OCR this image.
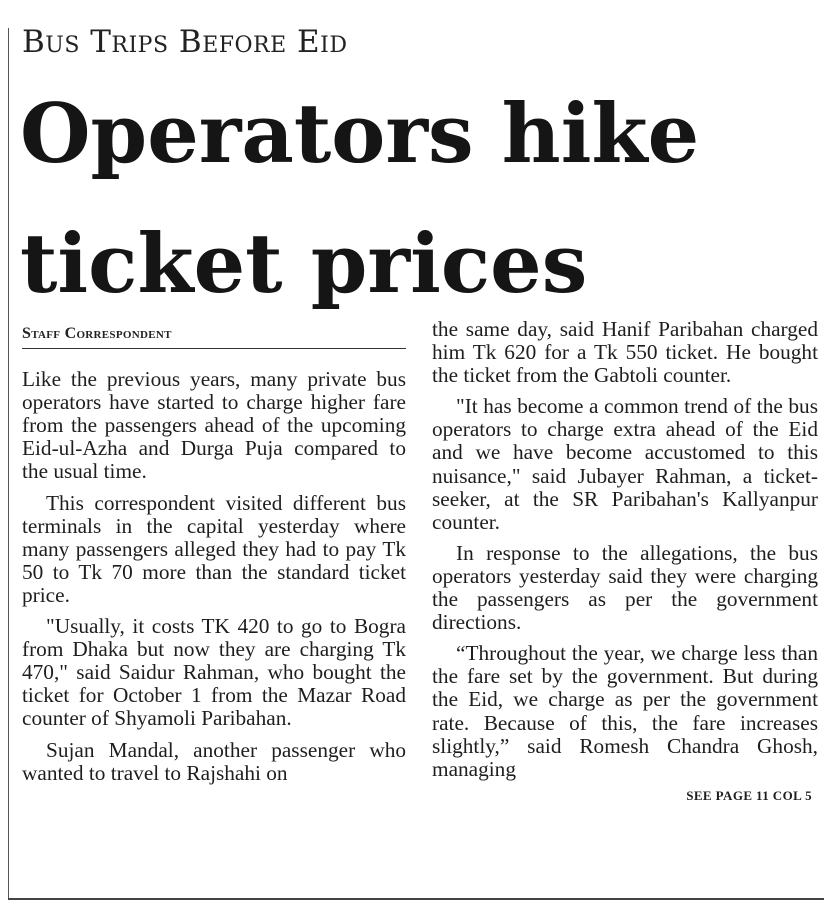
Bus Trips Before Eid
Operators hike ticket prices
Staff Correspondent

Like the previous years, many private bus operators have started to charge higher fare from the passengers ahead of the upcoming Eid-ul-Azha and Durga Puja compared to the usual time.

This correspondent visited different bus terminals in the capital yesterday where many passengers alleged they had to pay Tk 50 to Tk 70 more than the standard ticket price.

"Usually, it costs TK 420 to go to Bogra from Dhaka but now they are charging Tk 470," said Saidur Rahman, who bought the ticket for October 1 from the Mazar Road counter of Shyamoli Paribahan.

Sujan Mandal, another passenger who wanted to travel to Rajshahi on

the same day, said Hanif Paribahan charged him Tk 620 for a Tk 550 ticket. He bought the ticket from the Gabtoli counter.

"It has become a common trend of the bus operators to charge extra ahead of the Eid and we have become accustomed to this nuisance," said Jubayer Rahman, a ticket-seeker, at the SR Paribahan's Kallyanpur counter.

In response to the allegations, the bus operators yesterday said they were charging the passengers as per the government directions.

“Throughout the year, we charge less than the fare set by the government. But during the Eid, we charge as per the government rate. Because of this, the fare increases slightly,” said Romesh Chandra Ghosh, managing

SEE PAGE 11 COL 5
